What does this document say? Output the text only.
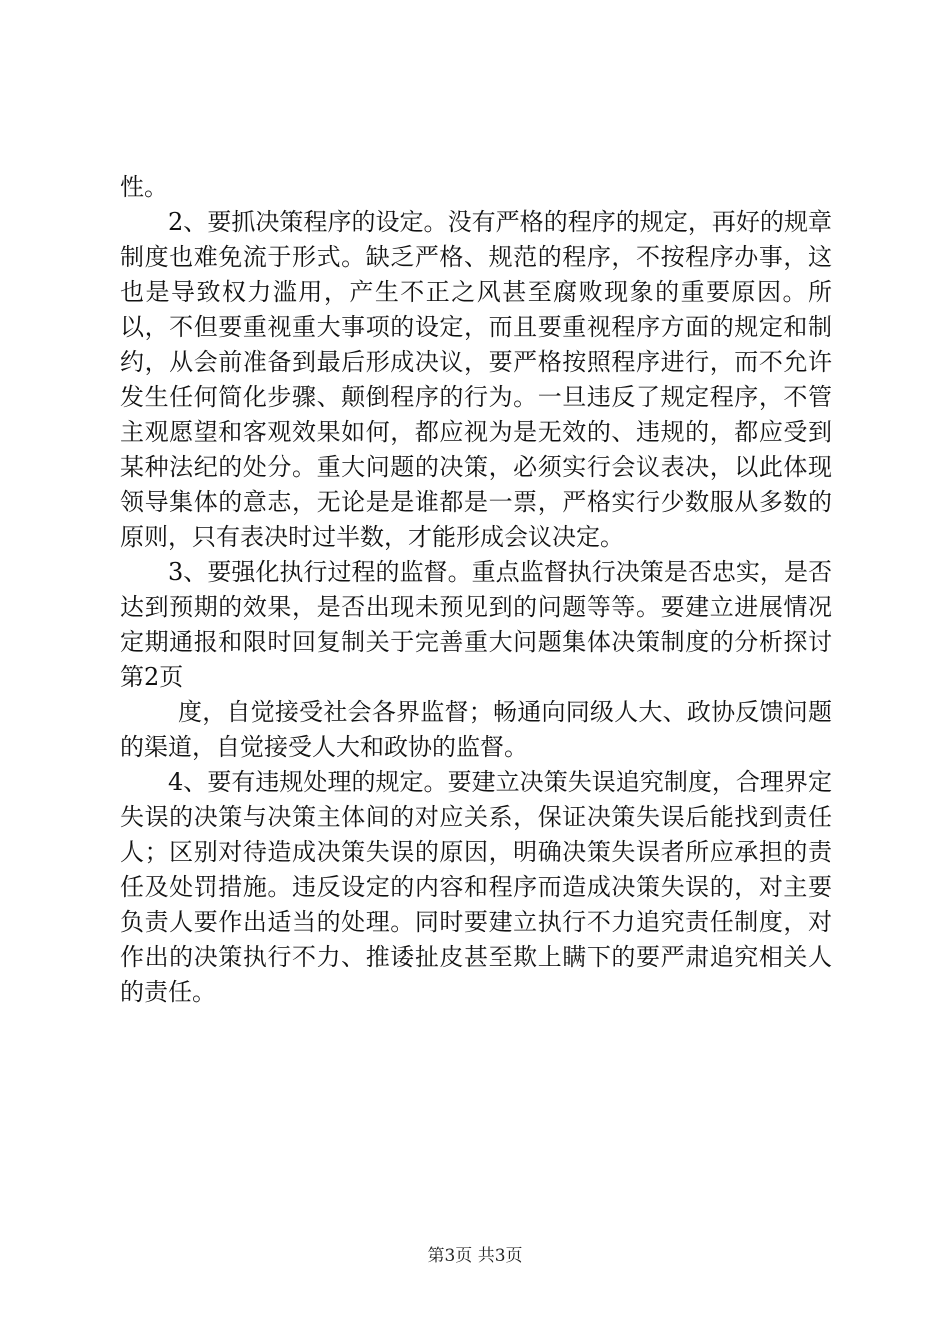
性。

2、要抓决策程序的设定。没有严格的程序的规定，再好的规章制度也难免流于形式。缺乏严格、规范的程序，不按程序办事，这也是导致权力滥用，产生不正之风甚至腐败现象的重要原因。所以，不但要重视重大事项的设定，而且要重视程序方面的规定和制约，从会前准备到最后形成决议，要严格按照程序进行，而不允许发生任何简化步骤、颠倒程序的行为。一旦违反了规定程序，不管主观愿望和客观效果如何，都应视为是无效的、违规的，都应受到某种法纪的处分。重大问题的决策，必须实行会议表决，以此体现领导集体的意志，无论是是谁都是一票，严格实行少数服从多数的原则，只有表决时过半数，才能形成会议决定。

3、要强化执行过程的监督。重点监督执行决策是否忠实，是否达到预期的效果，是否出现未预见到的问题等等。要建立进展情况定期通报和限时回复制关于完善重大问题集体决策制度的分析探讨第2页

度，自觉接受社会各界监督；畅通向同级人大、政协反馈问题的渠道，自觉接受人大和政协的监督。

4、要有违规处理的规定。要建立决策失误追究制度，合理界定失误的决策与决策主体间的对应关系，保证决策失误后能找到责任人；区别对待造成决策失误的原因，明确决策失误者所应承担的责任及处罚措施。违反设定的内容和程序而造成决策失误的，对主要负责人要作出适当的处理。同时要建立执行不力追究责任制度，对作出的决策执行不力、推诿扯皮甚至欺上瞒下的要严肃追究相关人的责任。

第3页 共3页
